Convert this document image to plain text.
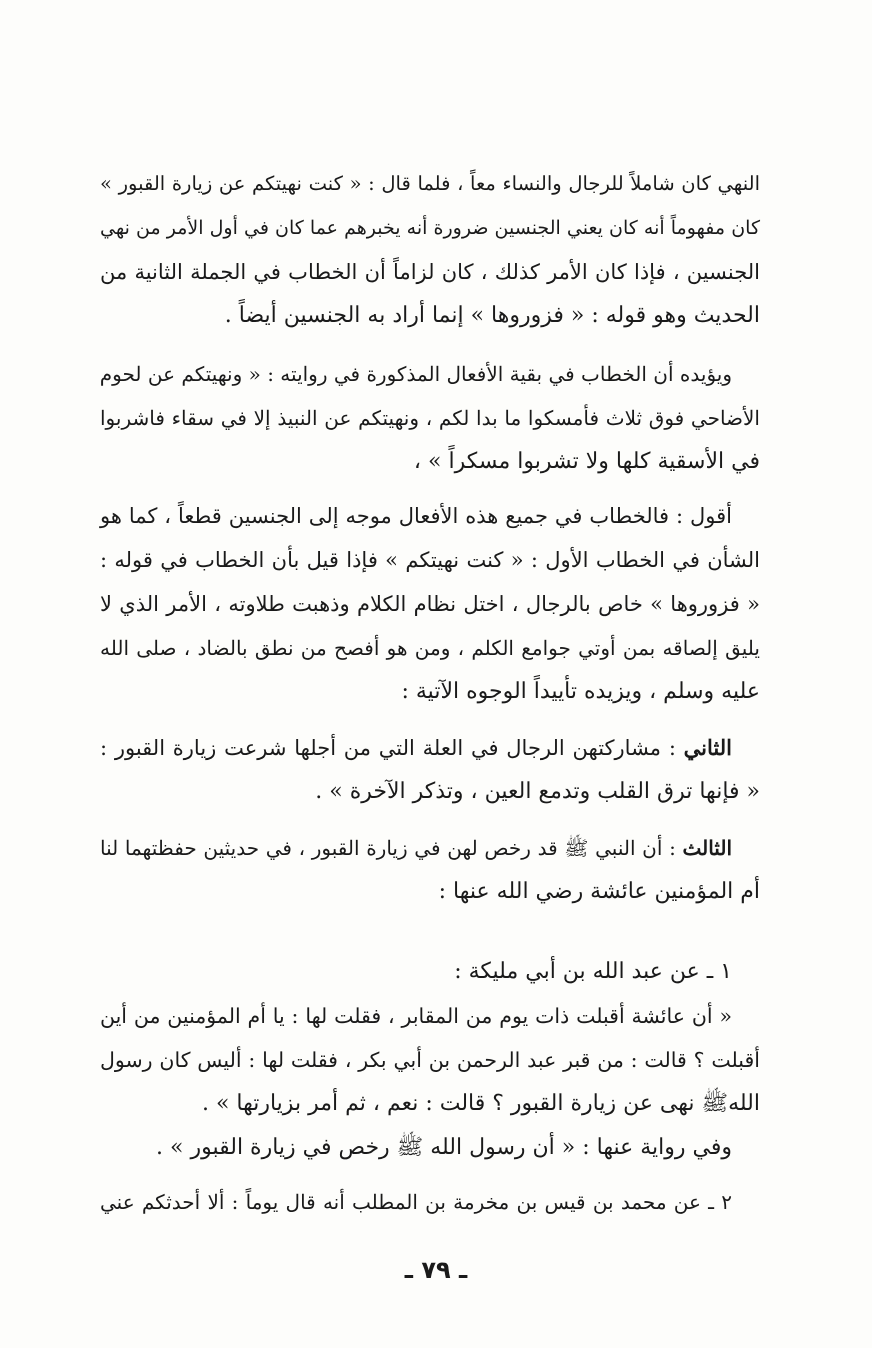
النهي كان شاملاً للرجال والنساء معاً ، فلما قال : « كنت نهيتكم عن زيارة القبور »
كان مفهوماً أنه كان يعني الجنسين ضرورة أنه يخبرهم عما كان في أول الأمر من نهي
الجنسين ، فإذا كان الأمر كذلك ، كان لزاماً أن الخطاب في الجملة الثانية من
الحديث وهو قوله : « فزوروها » إنما أراد به الجنسين أيضاً .
ويؤيده أن الخطاب في بقية الأفعال المذكورة في روايته : « ونهيتكم عن لحوم
الأضاحي فوق ثلاث فأمسكوا ما بدا لكم ، ونهيتكم عن النبيذ إلا في سقاء فاشربوا
في الأسقية كلها ولا تشربوا مسكراً » ،
أقول : فالخطاب في جميع هذه الأفعال موجه إلى الجنسين قطعاً ، كما هو
الشأن في الخطاب الأول : « كنت نهيتكم » فإذا قيل بأن الخطاب في قوله :
« فزوروها » خاص بالرجال ، اختل نظام الكلام وذهبت طلاوته ، الأمر الذي لا
يليق إلصاقه بمن أوتي جوامع الكلم ، ومن هو أفصح من نطق بالضاد ، صلى الله
عليه وسلم ، ويزيده تأييداً الوجوه الآتية :
الثاني : مشاركتهن الرجال في العلة التي من أجلها شرعت زيارة القبور :
« فإنها ترق القلب وتدمع العين ، وتذكر الآخرة » .
الثالث : أن النبي ﷺ قد رخص لهن في زيارة القبور ، في حديثين حفظتهما لنا
أم المؤمنين عائشة رضي الله عنها :
١ ـ عن عبد الله بن أبي مليكة :
« أن عائشة أقبلت ذات يوم من المقابر ، فقلت لها : يا أم المؤمنين من أين
أقبلت ؟ قالت : من قبر عبد الرحمن بن أبي بكر ، فقلت لها : أليس كان رسول
اللهﷺ نهى عن زيارة القبور ؟ قالت : نعم ، ثم أمر بزيارتها » .
وفي رواية عنها : « أن رسول الله ﷺ رخص في زيارة القبور » .
٢ ـ عن محمد بن قيس بن مخرمة بن المطلب أنه قال يوماً : ألا أحدثكم عني
ـ ٧٩ ـ
